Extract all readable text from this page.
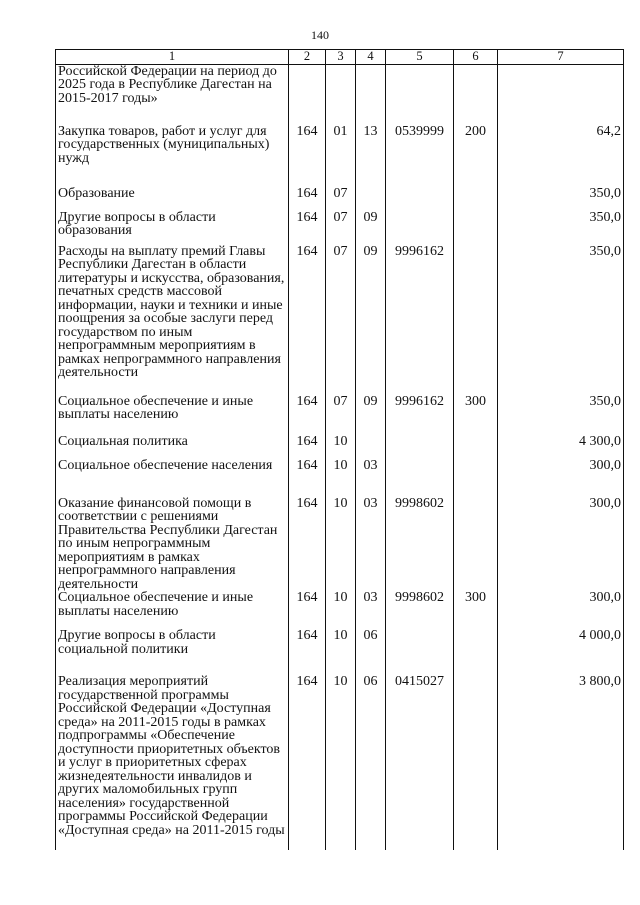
140
1	2	3	4	5	6	7
Российской Федерации на период до 2025 года в Республике Дагестан на 2015-2017 годы»						
Закупка товаров, работ и услуг для государственных (муниципальных) нужд	164	01	13	0539999	200	64,2
Образование	164	07				350,0
Другие вопросы в области образования	164	07	09			350,0
Расходы на выплату премий Главы Республики Дагестан в области литературы и искусства, образования, печатных средств массовой информации, науки и техники и иные поощрения за особые заслуги перед государством по иным непрограммным мероприятиям в рамках непрограммного направления деятельности	164	07	09	9996162		350,0
Социальное обеспечение и иные выплаты населению	164	07	09	9996162	300	350,0
Социальная политика	164	10				4 300,0
Социальное обеспечение населения	164	10	03			300,0
Оказание финансовой помощи в соответствии с решениями Правительства Республики Дагестан по иным непрограммным мероприятиям в рамках непрограммного направления деятельности	164	10	03	9998602		300,0
Социальное обеспечение и иные выплаты населению	164	10	03	9998602	300	300,0
Другие вопросы в области социальной политики	164	10	06			4 000,0
Реализация мероприятий государственной программы Российской Федерации «Доступная среда» на 2011-2015 годы в рамках подпрограммы «Обеспечение доступности приоритетных объектов и услуг в приоритетных сферах жизнедеятельности инвалидов и других маломобильных групп населения» государственной программы Российской Федерации «Доступная среда» на 2011-2015 годы	164	10	06	0415027		3 800,0
